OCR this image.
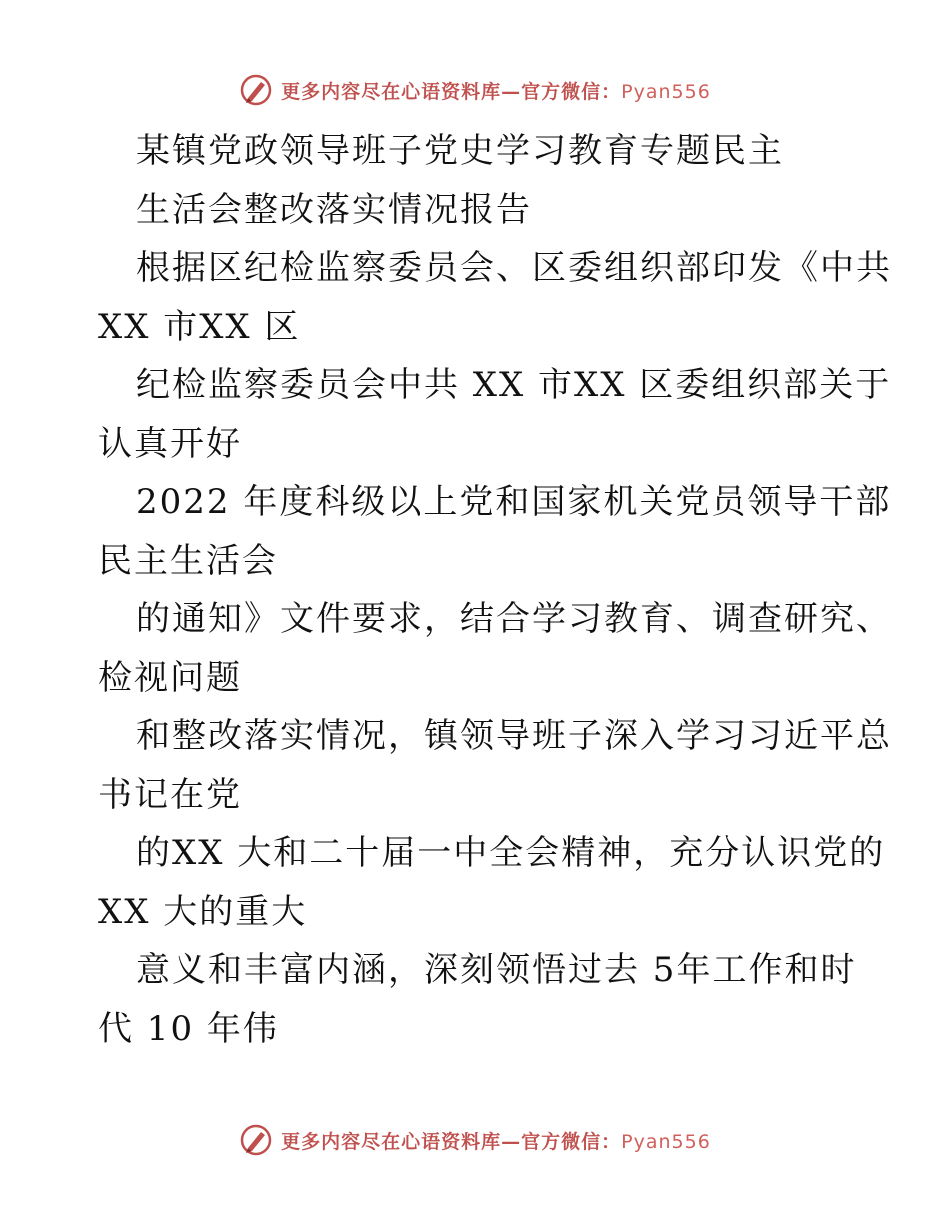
更多内容尽在心语资料库—官方微信：Pyan556
某镇党政领导班子党史学习教育专题民主
生活会整改落实情况报告
根据区纪检监察委员会、区委组织部印发《中共
XX 市XX 区
纪检监察委员会中共 XX 市XX 区委组织部关于
认真开好
2022 年度科级以上党和国家机关党员领导干部
民主生活会
的通知》文件要求，结合学习教育、调查研究、
检视问题
和整改落实情况，镇领导班子深入学习习近平总
书记在党
的XX 大和二十届一中全会精神，充分认识党的
XX 大的重大
意义和丰富内涵，深刻领悟过去 5年工作和时
代 10 年伟
更多内容尽在心语资料库—官方微信：Pyan556
